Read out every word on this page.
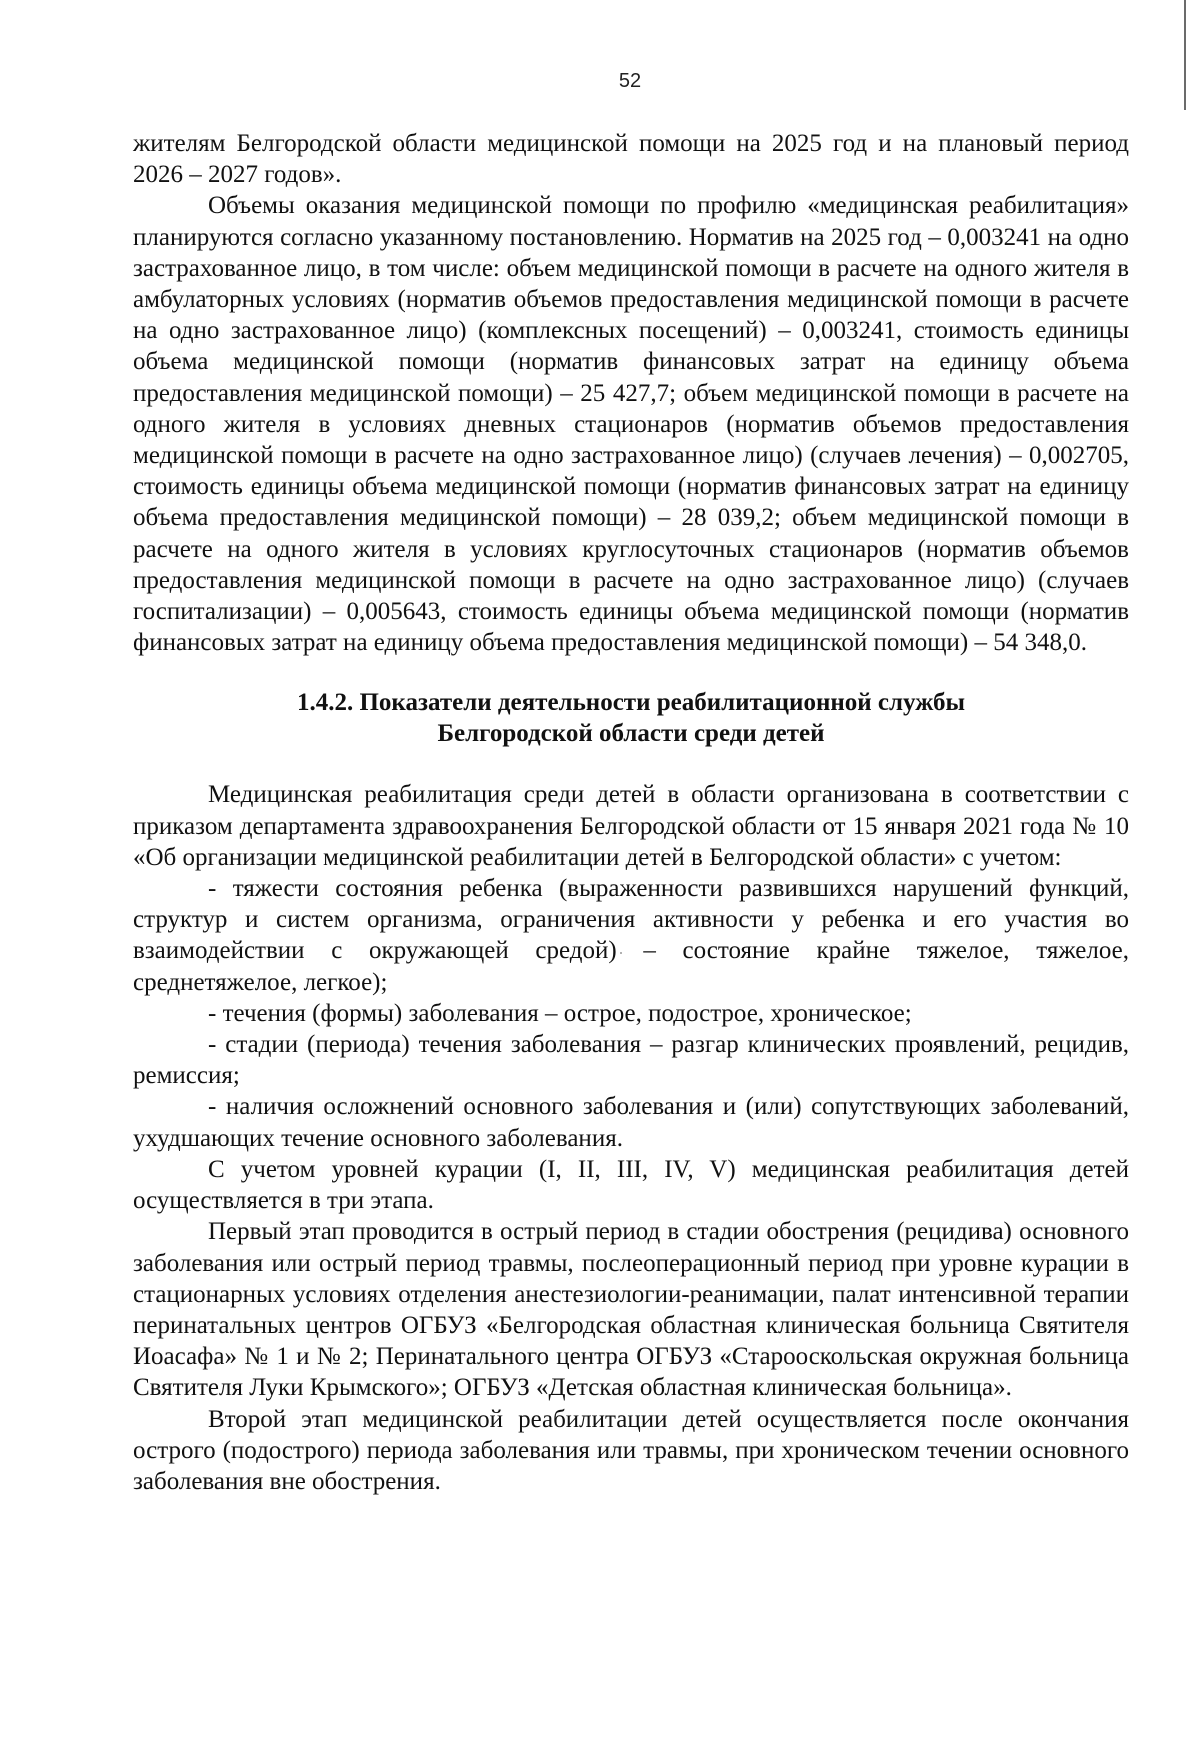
52

жителям Белгородской области медицинской помощи на 2025 год и на плановый период 2026 – 2027 годов».

Объемы оказания медицинской помощи по профилю «медицинская реабилитация» планируются согласно указанному постановлению. Норматив на 2025 год – 0,003241 на одно застрахованное лицо, в том числе: объем медицинской помощи в расчете на одного жителя в амбулаторных условиях (норматив объемов предоставления медицинской помощи в расчете на одно застрахованное лицо) (комплексных посещений) – 0,003241, стоимость единицы объема медицинской помощи (норматив финансовых затрат на единицу объема предоставления медицинской помощи) – 25 427,7; объем медицинской помощи в расчете на одного жителя в условиях дневных стационаров (норматив объемов предоставления медицинской помощи в расчете на одно застрахованное лицо) (случаев лечения) – 0,002705, стоимость единицы объема медицинской помощи (норматив финансовых затрат на единицу объема предоставления медицинской помощи) – 28 039,2; объем медицинской помощи в расчете на одного жителя в условиях круглосуточных стационаров (норматив объемов предоставления медицинской помощи в расчете на одно застрахованное лицо) (случаев госпитализации) – 0,005643, стоимость единицы объема медицинской помощи (норматив финансовых затрат на единицу объема предоставления медицинской помощи) – 54 348,0.

1.4.2. Показатели деятельности реабилитационной службы
Белгородской области среди детей

Медицинская реабилитация среди детей в области организована в соответствии с приказом департамента здравоохранения Белгородской области от 15 января 2021 года № 10 «Об организации медицинской реабилитации детей в Белгородской области» с учетом:

- тяжести состояния ребенка (выраженности развившихся нарушений функций, структур и систем организма, ограничения активности у ребенка и его участия во взаимодействии с окружающей средой) – состояние крайне тяжелое, тяжелое, среднетяжелое, легкое);

- течения (формы) заболевания – острое, подострое, хроническое;

- стадии (периода) течения заболевания – разгар клинических проявлений, рецидив, ремиссия;

- наличия осложнений основного заболевания и (или) сопутствующих заболеваний, ухудшающих течение основного заболевания.

С учетом уровней курации (I, II, III, IV, V) медицинская реабилитация детей осуществляется в три этапа.

Первый этап проводится в острый период в стадии обострения (рецидива) основного заболевания или острый период травмы, послеоперационный период при уровне курации в стационарных условиях отделения анестезиологии-реанимации, палат интенсивной терапии перинатальных центров ОГБУЗ «Белгородская областная клиническая больница Святителя Иоасафа» № 1 и № 2; Перинатального центра ОГБУЗ «Старооскольская окружная больница Святителя Луки Крымского»; ОГБУЗ «Детская областная клиническая больница».

Второй этап медицинской реабилитации детей осуществляется после окончания острого (подострого) периода заболевания или травмы, при хроническом течении основного заболевания вне обострения.
